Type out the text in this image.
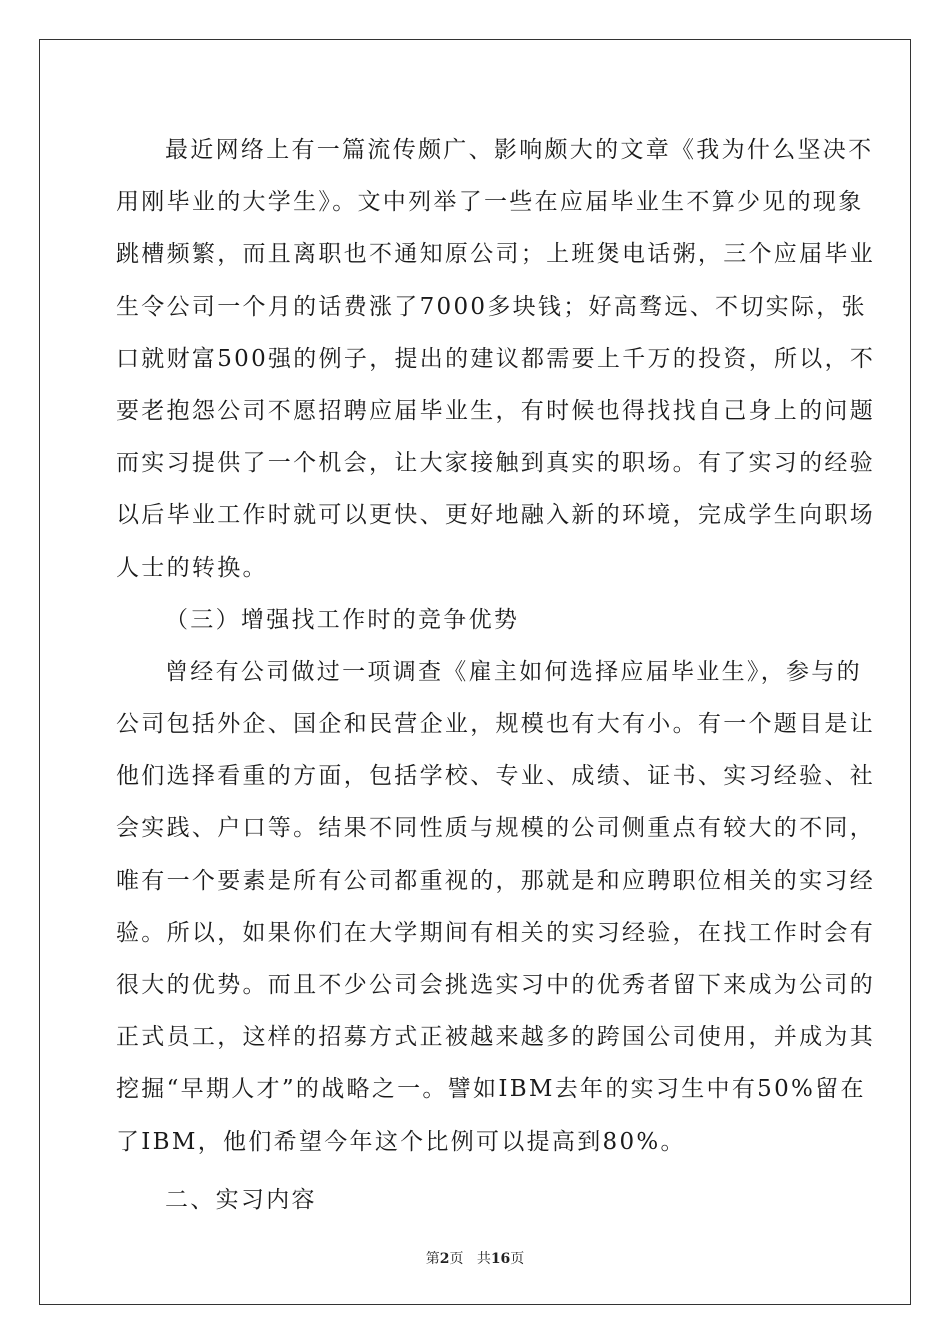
最近网络上有一篇流传颇广、影响颇大的文章《我为什么坚决不
用刚毕业的大学生》。文中列举了一些在应届毕业生不算少见的现象
跳槽频繁，而且离职也不通知原公司；上班煲电话粥，三个应届毕业
生令公司一个月的话费涨了7000多块钱；好高骛远、不切实际，张
口就财富500强的例子，提出的建议都需要上千万的投资，所以，不
要老抱怨公司不愿招聘应届毕业生，有时候也得找找自己身上的问题
而实习提供了一个机会，让大家接触到真实的职场。有了实习的经验
以后毕业工作时就可以更快、更好地融入新的环境，完成学生向职场
人士的转换。
（三）增强找工作时的竞争优势
曾经有公司做过一项调查《雇主如何选择应届毕业生》，参与的
公司包括外企、国企和民营企业，规模也有大有小。有一个题目是让
他们选择看重的方面，包括学校、专业、成绩、证书、实习经验、社
会实践、户口等。结果不同性质与规模的公司侧重点有较大的不同，
唯有一个要素是所有公司都重视的，那就是和应聘职位相关的实习经
验。所以，如果你们在大学期间有相关的实习经验，在找工作时会有
很大的优势。而且不少公司会挑选实习中的优秀者留下来成为公司的
正式员工，这样的招募方式正被越来越多的跨国公司使用，并成为其
挖掘“早期人才”的战略之一。譬如IBM去年的实习生中有50%留在
了IBM，他们希望今年这个比例可以提高到80%。
二、实习内容
第2页 共16页
